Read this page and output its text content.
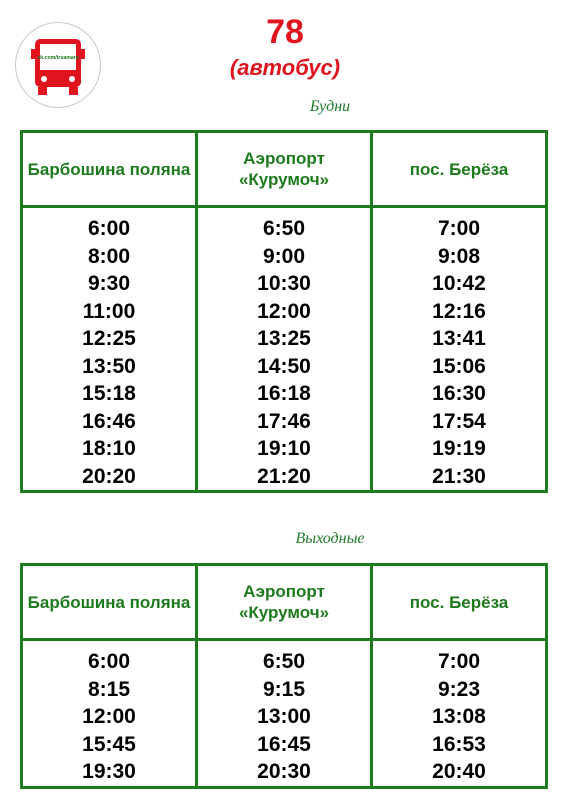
vk.com/trsamara
78
(автобус)
Будни
Барбошина поляна
Аэропорт «Курумоч»
пос. Берёза
6:00
8:00
9:30
11:00
12:25
13:50
15:18
16:46
18:10
20:20
6:50
9:00
10:30
12:00
13:25
14:50
16:18
17:46
19:10
21:20
7:00
9:08
10:42
12:16
13:41
15:06
16:30
17:54
19:19
21:30
Выходные
Барбошина поляна
Аэропорт «Курумоч»
пос. Берёза
6:00
8:15
12:00
15:45
19:30
6:50
9:15
13:00
16:45
20:30
7:00
9:23
13:08
16:53
20:40
